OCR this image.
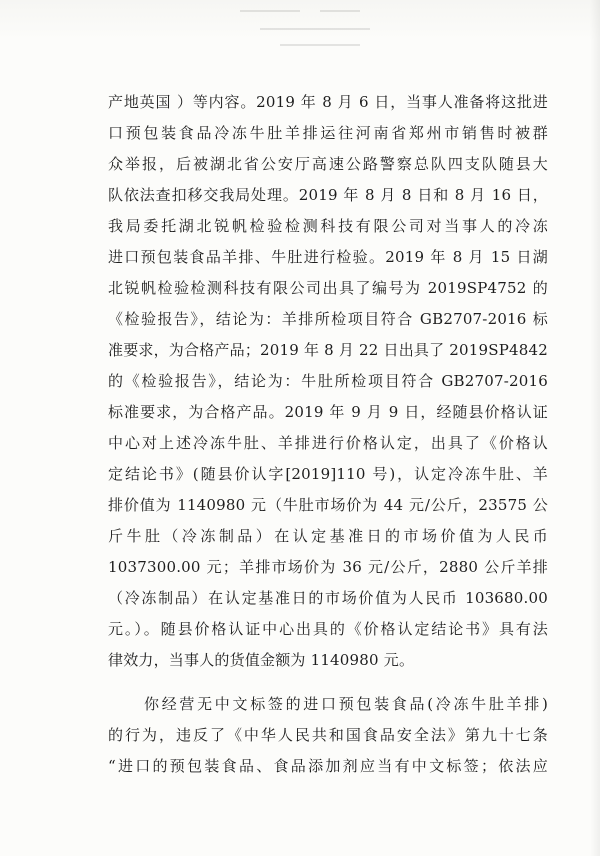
产地英国 ）等内容。2019 年 8 月 6 日，当事人准备将这批进
口预包装食品冷冻牛肚羊排运往河南省郑州市销售时被群
众举报，后被湖北省公安厅高速公路警察总队四支队随县大
队依法查扣移交我局处理。2019 年 8 月 8 日和 8 月 16 日，
我局委托湖北锐帆检验检测科技有限公司对当事人的冷冻
进口预包装食品羊排、牛肚进行检验。2019 年 8 月 15 日湖
北锐帆检验检测科技有限公司出具了编号为 2019SP4752 的
《检验报告》，结论为：羊排所检项目符合 GB2707-2016 标
准要求，为合格产品；2019 年 8 月 22 日出具了 2019SP4842
的《检验报告》，结论为：牛肚所检项目符合 GB2707-2016
标准要求，为合格产品。2019 年 9 月 9 日，经随县价格认证
中心对上述冷冻牛肚、羊排进行价格认定，出具了《价格认
定结论书》(随县价认字[2019]110 号)，认定冷冻牛肚、羊
排价值为 1140980 元（牛肚市场价为 44 元/公斤，23575 公
斤牛肚（冷冻制品）在认定基准日的市场价值为人民币
1037300.00 元；羊排市场价为 36 元/公斤，2880 公斤羊排
（冷冻制品）在认定基准日的市场价值为人民币 103680.00
元。）。随县价格认证中心出具的《价格认定结论书》具有法
律效力，当事人的货值金额为 1140980 元。
你经营无中文标签的进口预包装食品(冷冻牛肚羊排)
的行为，违反了《中华人民共和国食品安全法》第九十七条
“进口的预包装食品、食品添加剂应当有中文标签；依法应
